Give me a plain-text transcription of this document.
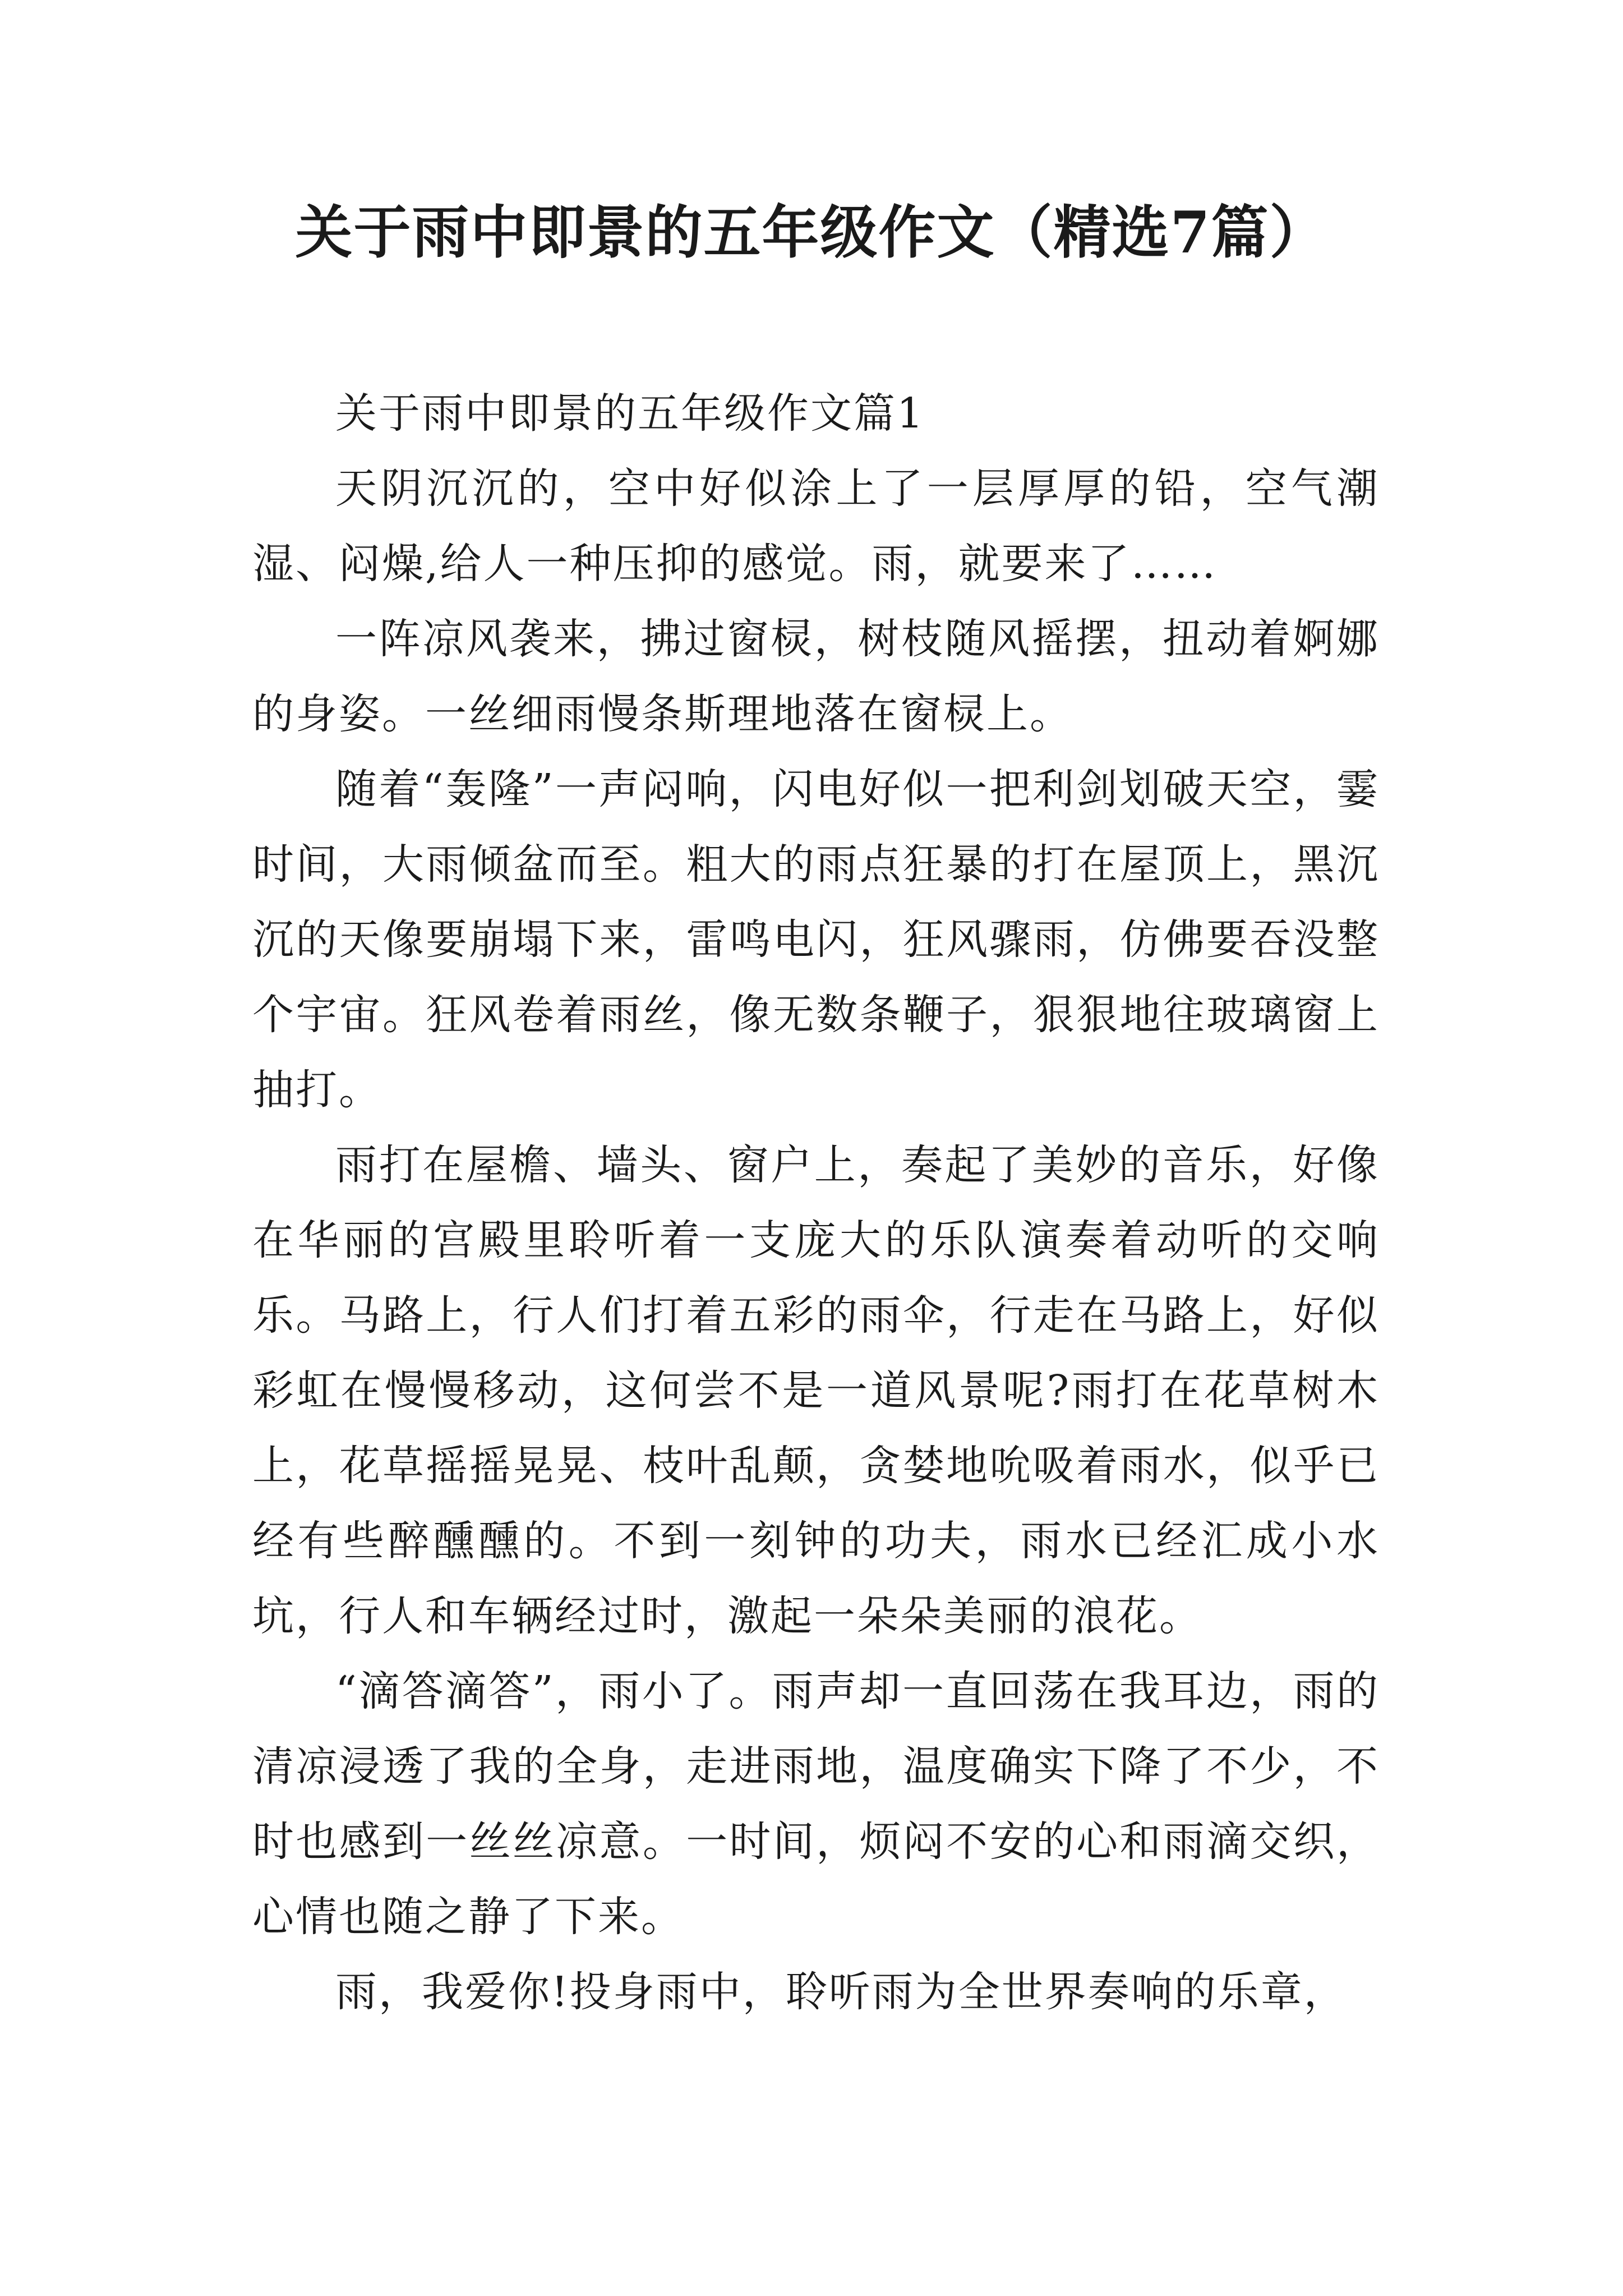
关于雨中即景的五年级作文（精选7篇）

关于雨中即景的五年级作文篇1

天阴沉沉的，空中好似涂上了一层厚厚的铅，空气潮湿、闷燥,给人一种压抑的感觉。雨，就要来了……

一阵凉风袭来，拂过窗棂，树枝随风摇摆，扭动着婀娜的身姿。一丝细雨慢条斯理地落在窗棂上。

随着“轰隆”一声闷响，闪电好似一把利剑划破天空，霎时间，大雨倾盆而至。粗大的雨点狂暴的打在屋顶上，黑沉沉的天像要崩塌下来，雷鸣电闪，狂风骤雨，仿佛要吞没整个宇宙。狂风卷着雨丝，像无数条鞭子，狠狠地往玻璃窗上抽打。

雨打在屋檐、墙头、窗户上，奏起了美妙的音乐，好像在华丽的宫殿里聆听着一支庞大的乐队演奏着动听的交响乐。马路上，行人们打着五彩的雨伞，行走在马路上，好似彩虹在慢慢移动，这何尝不是一道风景呢?雨打在花草树木上，花草摇摇晃晃、枝叶乱颠，贪婪地吮吸着雨水，似乎已经有些醉醺醺的。不到一刻钟的功夫，雨水已经汇成小水坑，行人和车辆经过时，激起一朵朵美丽的浪花。

“滴答滴答”，雨小了。雨声却一直回荡在我耳边，雨的清凉浸透了我的全身，走进雨地，温度确实下降了不少，不时也感到一丝丝凉意。一时间，烦闷不安的心和雨滴交织，心情也随之静了下来。

雨，我爱你!投身雨中，聆听雨为全世界奏响的乐章，
